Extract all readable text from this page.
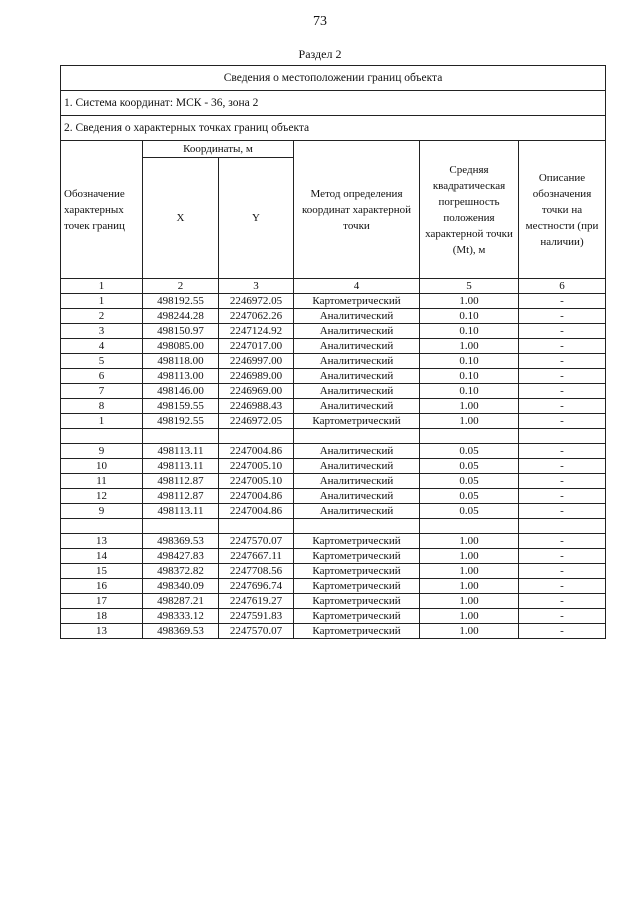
73
Раздел 2
Сведения о местоположении границ объекта					
1. Система координат: МСК - 36, зона 2					
2. Сведения о характерных точках границ объекта					
Обозначение характерных точек границ	Координаты, м		Метод определения координат характерной точки	Средняя квадратическая погрешность положения характерной точки (Mt), м	Описание обозначения точки на местности (при наличии)
	X	Y			
1	2	3	4	5	6
1	498192.55	2246972.05	Картометрический	1.00	-
2	498244.28	2247062.26	Аналитический	0.10	-
3	498150.97	2247124.92	Аналитический	0.10	-
4	498085.00	2247017.00	Аналитический	1.00	-
5	498118.00	2246997.00	Аналитический	0.10	-
6	498113.00	2246989.00	Аналитический	0.10	-
7	498146.00	2246969.00	Аналитический	0.10	-
8	498159.55	2246988.43	Аналитический	1.00	-
1	498192.55	2246972.05	Картометрический	1.00	-

9	498113.11	2247004.86	Аналитический	0.05	-
10	498113.11	2247005.10	Аналитический	0.05	-
11	498112.87	2247005.10	Аналитический	0.05	-
12	498112.87	2247004.86	Аналитический	0.05	-
9	498113.11	2247004.86	Аналитический	0.05	-

13	498369.53	2247570.07	Картометрический	1.00	-
14	498427.83	2247667.11	Картометрический	1.00	-
15	498372.82	2247708.56	Картометрический	1.00	-
16	498340.09	2247696.74	Картометрический	1.00	-
17	498287.21	2247619.27	Картометрический	1.00	-
18	498333.12	2247591.83	Картометрический	1.00	-
13	498369.53	2247570.07	Картометрический	1.00	-
